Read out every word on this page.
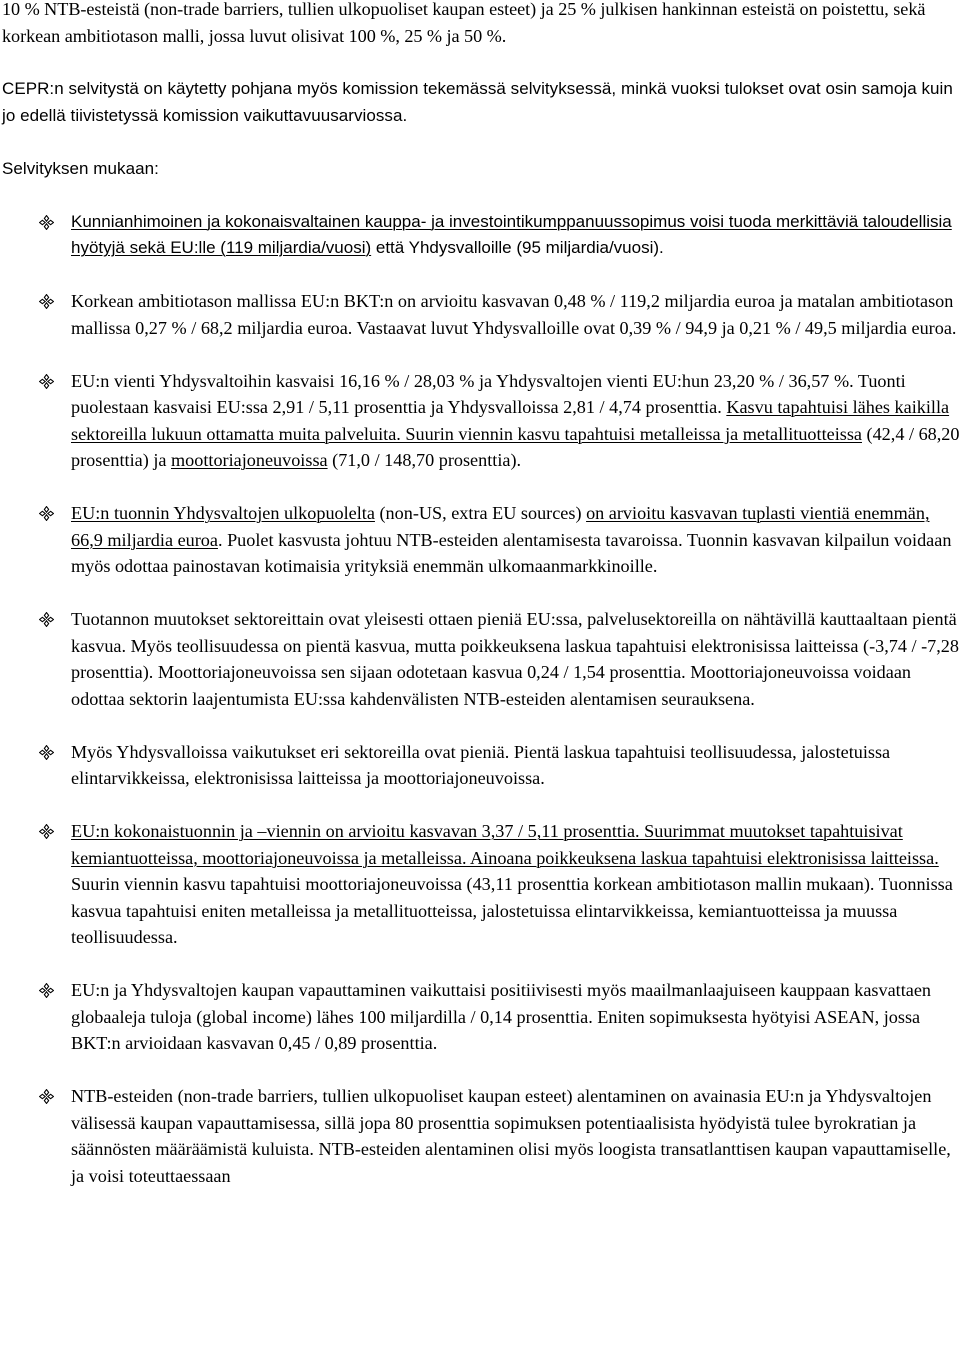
10 % NTB-esteistä (non-trade barriers, tullien ulkopuoliset kaupan esteet) ja 25 % julkisen hankinnan esteistä on poistettu, sekä korkean ambitiotason malli, jossa luvut olisivat 100 %, 25 % ja 50 %.

CEPR:n selvitystä on käytetty pohjana myös komission tekemässä selvityksessä, minkä vuoksi tulokset ovat osin samoja kuin jo edellä tiivistetyssä komission vaikuttavuusarviossa.

Selvityksen mukaan:

Kunnianhimoinen ja kokonaisvaltainen kauppa- ja investointikumppanuussopimus voisi tuoda merkittäviä taloudellisia hyötyjä sekä EU:lle (119 miljardia/vuosi) että Yhdysvalloille (95 miljardia/vuosi).
Korkean ambitiotason mallissa EU:n BKT:n on arvioitu kasvavan 0,48 % / 119,2 miljardia euroa ja matalan ambitiotason mallissa 0,27 % / 68,2 miljardia euroa. Vastaavat luvut Yhdysvalloille ovat 0,39 % / 94,9 ja 0,21 % / 49,5 miljardia euroa.
EU:n vienti Yhdysvaltoihin kasvaisi 16,16 % / 28,03 % ja Yhdysvaltojen vienti EU:hun 23,20 % / 36,57 %. Tuonti puolestaan kasvaisi EU:ssa 2,91 / 5,11 prosenttia ja Yhdysvalloissa 2,81 / 4,74 prosenttia. Kasvu tapahtuisi lähes kaikilla sektoreilla lukuun ottamatta muita palveluita. Suurin viennin kasvu tapahtuisi metalleissa ja metallituotteissa (42,4 / 68,20 prosenttia) ja moottoriajoneuvoissa (71,0 / 148,70 prosenttia).
EU:n tuonnin Yhdysvaltojen ulkopuolelta (non-US, extra EU sources) on arvioitu kasvavan tuplasti vientiä enemmän, 66,9 miljardia euroa. Puolet kasvusta johtuu NTB-esteiden alentamisesta tavaroissa. Tuonnin kasvavan kilpailun voidaan myös odottaa painostavan kotimaisia yrityksiä enemmän ulkomaanmarkkinoille.
Tuotannon muutokset sektoreittain ovat yleisesti ottaen pieniä EU:ssa, palvelusektoreilla on nähtävillä kauttaaltaan pientä kasvua. Myös teollisuudessa on pientä kasvua, mutta poikkeuksena laskua tapahtuisi elektronisissa laitteissa (-3,74 / -7,28 prosenttia). Moottoriajoneuvoissa sen sijaan odotetaan kasvua 0,24 / 1,54 prosenttia. Moottoriajoneuvoissa voidaan odottaa sektorin laajentumista EU:ssa kahdenvälisten NTB-esteiden alentamisen seurauksena.
Myös Yhdysvalloissa vaikutukset eri sektoreilla ovat pieniä. Pientä laskua tapahtuisi teollisuudessa, jalostetuissa elintarvikkeissa, elektronisissa laitteissa ja moottoriajoneuvoissa.
EU:n kokonaistuonnin ja –viennin on arvioitu kasvavan 3,37 / 5,11 prosenttia. Suurimmat muutokset tapahtuisivat kemiantuotteissa, moottoriajoneuvoissa ja metalleissa. Ainoana poikkeuksena laskua tapahtuisi elektronisissa laitteissa. Suurin viennin kasvu tapahtuisi moottoriajoneuvoissa (43,11 prosenttia korkean ambitiotason mallin mukaan). Tuonnissa kasvua tapahtuisi eniten metalleissa ja metallituotteissa, jalostetuissa elintarvikkeissa, kemiantuotteissa ja muussa teollisuudessa.
EU:n ja Yhdysvaltojen kaupan vapauttaminen vaikuttaisi positiivisesti myös maailmanlaajuiseen kauppaan kasvattaen globaaleja tuloja (global income) lähes 100 miljardilla / 0,14 prosenttia. Eniten sopimuksesta hyötyisi ASEAN, jossa BKT:n arvioidaan kasvavan 0,45 / 0,89 prosenttia.
NTB-esteiden (non-trade barriers, tullien ulkopuoliset kaupan esteet) alentaminen on avainasia EU:n ja Yhdysvaltojen välisessä kaupan vapauttamisessa, sillä jopa 80 prosenttia sopimuksen potentiaalisista hyödyistä tulee byrokratian ja säännösten määräämistä kuluista. NTB-esteiden alentaminen olisi myös loogista transatlanttisen kaupan vapauttamiselle, ja voisi toteuttaessaan
